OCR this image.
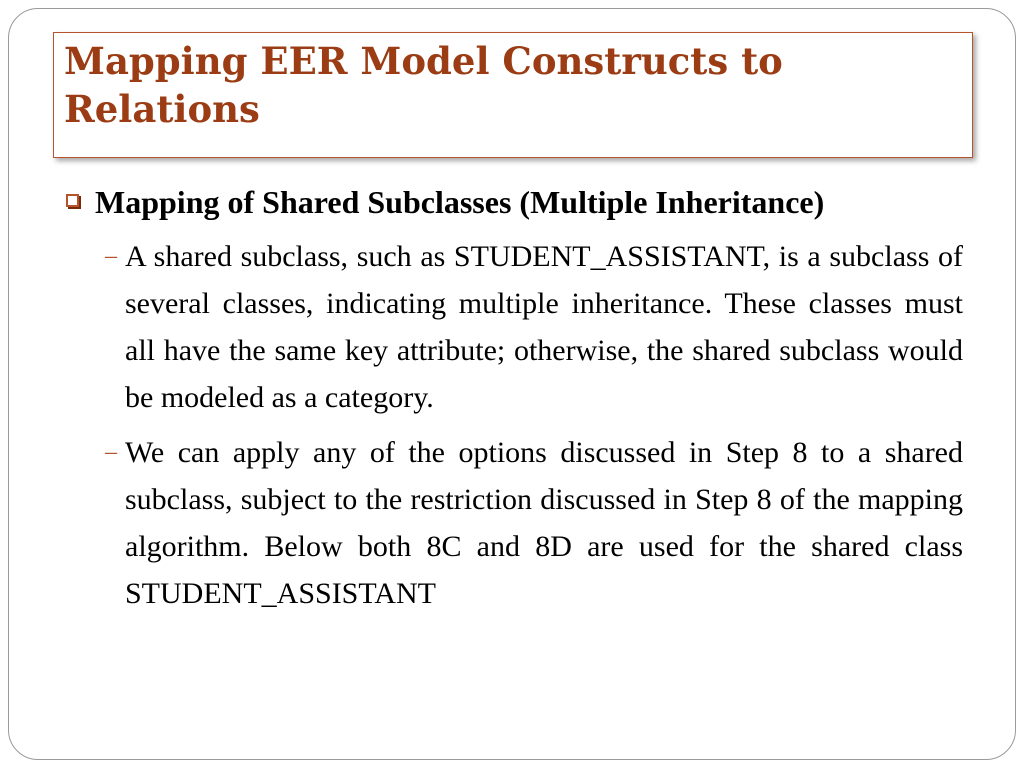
Mapping EER Model Constructs to Relations
Mapping of Shared Subclasses (Multiple Inheritance)
– A shared subclass, such as STUDENT_ASSISTANT, is a subclass of several classes, indicating multiple inheritance. These classes must all have the same key attribute; otherwise, the shared subclass would be modeled as a category.
– We can apply any of the options discussed in Step 8 to a shared subclass, subject to the restriction discussed in Step 8 of the mapping algorithm. Below both 8C and 8D are used for the shared class STUDENT_ASSISTANT
